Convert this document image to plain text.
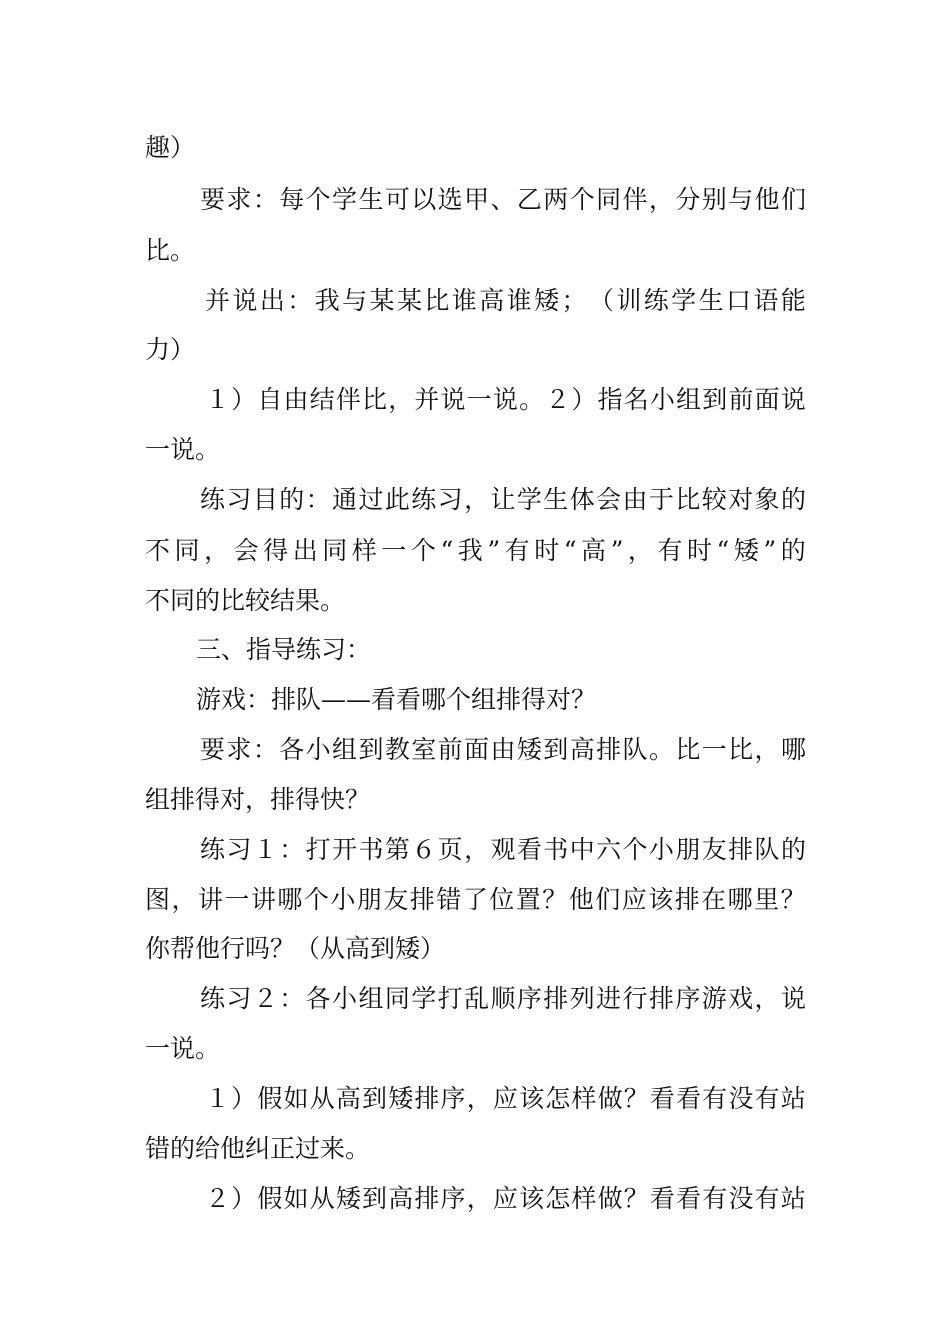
趣）
要 求 ： 每 个 学 生 可 以 选 甲 、 乙 两 个 同 伴 ， 分 别 与 他 们
比。
并 说 出 ： 我 与 某 某 比 谁 高 谁 矮 ； （ 训 练 学 生 口 语 能
力）
１ ） 自 由 结 伴 比 ， 并 说 一 说 。 ２ ） 指 名 小 组 到 前 面 说
一说。
练 习 目 的 ： 通 过 此 练 习 ， 让 学 生 体 会 由 于 比 较 对 象 的
不 同 ， 会 得 出 同 样 一 个 “ 我 ” 有 时 “ 高 ” ， 有 时 “ 矮 ” 的
不同的比较结果。
三、指导练习：
游戏：排队——看看哪个组排得对？
要 求 ： 各 小 组 到 教 室 前 面 由 矮 到 高 排 队 。 比 一 比 ， 哪
组排得对，排得快？
练 习 １ ： 打 开 书 第 ６ 页 ， 观 看 书 中 六 个 小 朋 友 排 队 的
图 ， 讲 一 讲 哪 个 小 朋 友 排 错 了 位 置 ？ 他 们 应 该 排 在 哪 里 ？
你帮他行吗？（从高到矮）
练 习 ２ ： 各 小 组 同 学 打 乱 顺 序 排 列 进 行 排 序 游 戏 ， 说
一说。
１ ） 假 如 从 高 到 矮 排 序 ， 应 该 怎 样 做 ？ 看 看 有 没 有 站
错的给他纠正过来。
２ ） 假 如 从 矮 到 高 排 序 ， 应 该 怎 样 做 ？ 看 看 有 没 有 站
